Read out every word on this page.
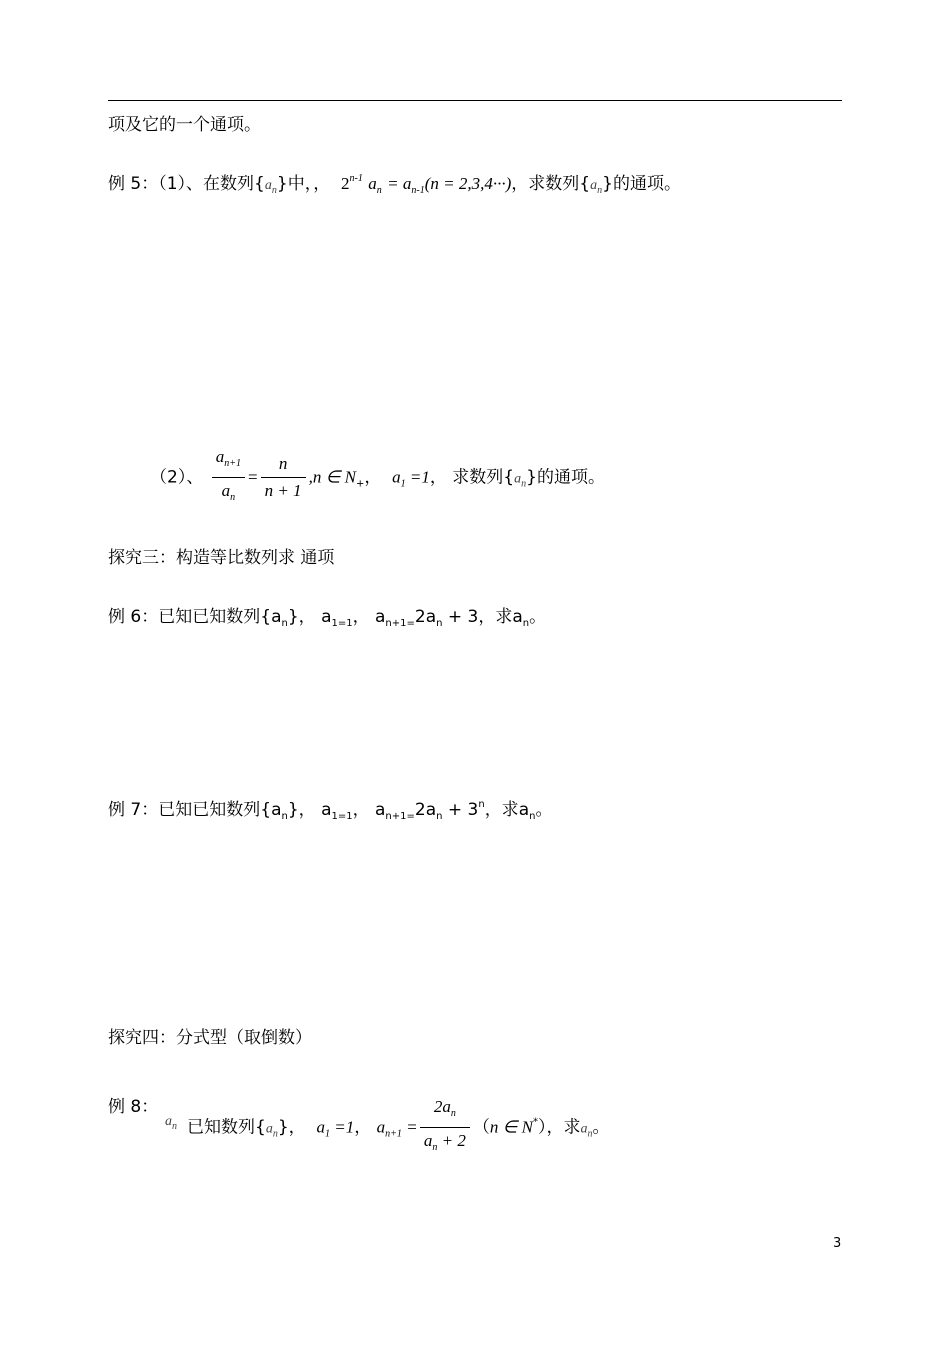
项及它的一个通项。
例 5：（1）、在数列$\{a_n\}$中，， 2$^{n-1}$ $a_n = a_{n-1}(n = 2,3,4\cdot\cdot\cdot)$，求数列$\{a_n\}$的通项。
（2）、 $\frac{a_{n+1}}{a_n} = \frac{n}{n + 1} ,n$ ∈ $N_+$， $a_1 =1$， 求数列$\{a_n\}$的通项。
探究三：构造等比数列求 通项
例 6：已知已知数列$\{a_n\}$， $a_{1=1}$， $a_{n+1=}2a_n + 3$，求$a_n$。
例 7：已知已知数列$\{a_n\}$， $a_{1=1}$， $a_{n+1=}2a_n + 3^n$，求$a_n$。
探究四：分式型（取倒数）
例 8：
$a_n$ 已知数列$\{a_n\}$， $a_1 =1$， $a_{n+1} = \frac{2a_n}{a_n + 2} (n$ ∈ N*），求$a_n$。
3
